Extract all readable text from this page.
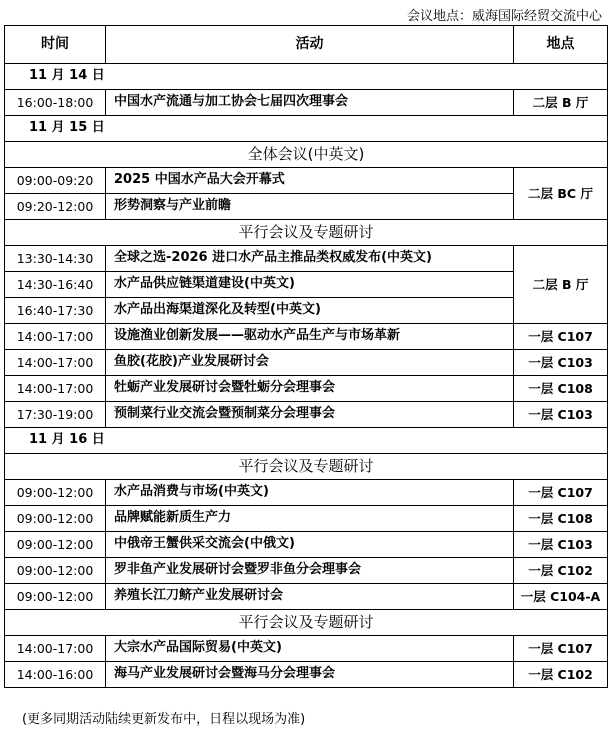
会议地点：威海国际经贸交流中心
时间	活动	地点
11 月 14 日		
16:00-18:00	中国水产流通与加工协会七届四次理事会	二层 B 厅
11 月 15 日		
全体会议(中英文)		
09:00-09:20	2025 中国水产品大会开幕式	二层 BC 厅
09:20-12:00	形势洞察与产业前瞻	
平行会议及专题研讨		
13:30-14:30	全球之选-2026 进口水产品主推品类权威发布(中英文)	二层 B 厅
14:30-16:40	水产品供应链渠道建设(中英文)	
16:40-17:30	水产品出海渠道深化及转型(中英文)	
14:00-17:00	设施渔业创新发展——驱动水产品生产与市场革新	一层 C107
14:00-17:00	鱼胶(花胶)产业发展研讨会	一层 C103
14:00-17:00	牡蛎产业发展研讨会暨牡蛎分会理事会	一层 C108
17:30-19:00	预制菜行业交流会暨预制菜分会理事会	一层 C103
11 月 16 日		
平行会议及专题研讨		
09:00-12:00	水产品消费与市场(中英文)	一层 C107
09:00-12:00	品牌赋能新质生产力	一层 C108
09:00-12:00	中俄帝王蟹供采交流会(中俄文)	一层 C103
09:00-12:00	罗非鱼产业发展研讨会暨罗非鱼分会理事会	一层 C102
09:00-12:00	养殖长江刀鲚产业发展研讨会	一层 C104-A
平行会议及专题研讨		
14:00-17:00	大宗水产品国际贸易(中英文)	一层 C107
14:00-16:00	海马产业发展研讨会暨海马分会理事会	一层 C102
(更多同期活动陆续更新发布中，日程以现场为准)
